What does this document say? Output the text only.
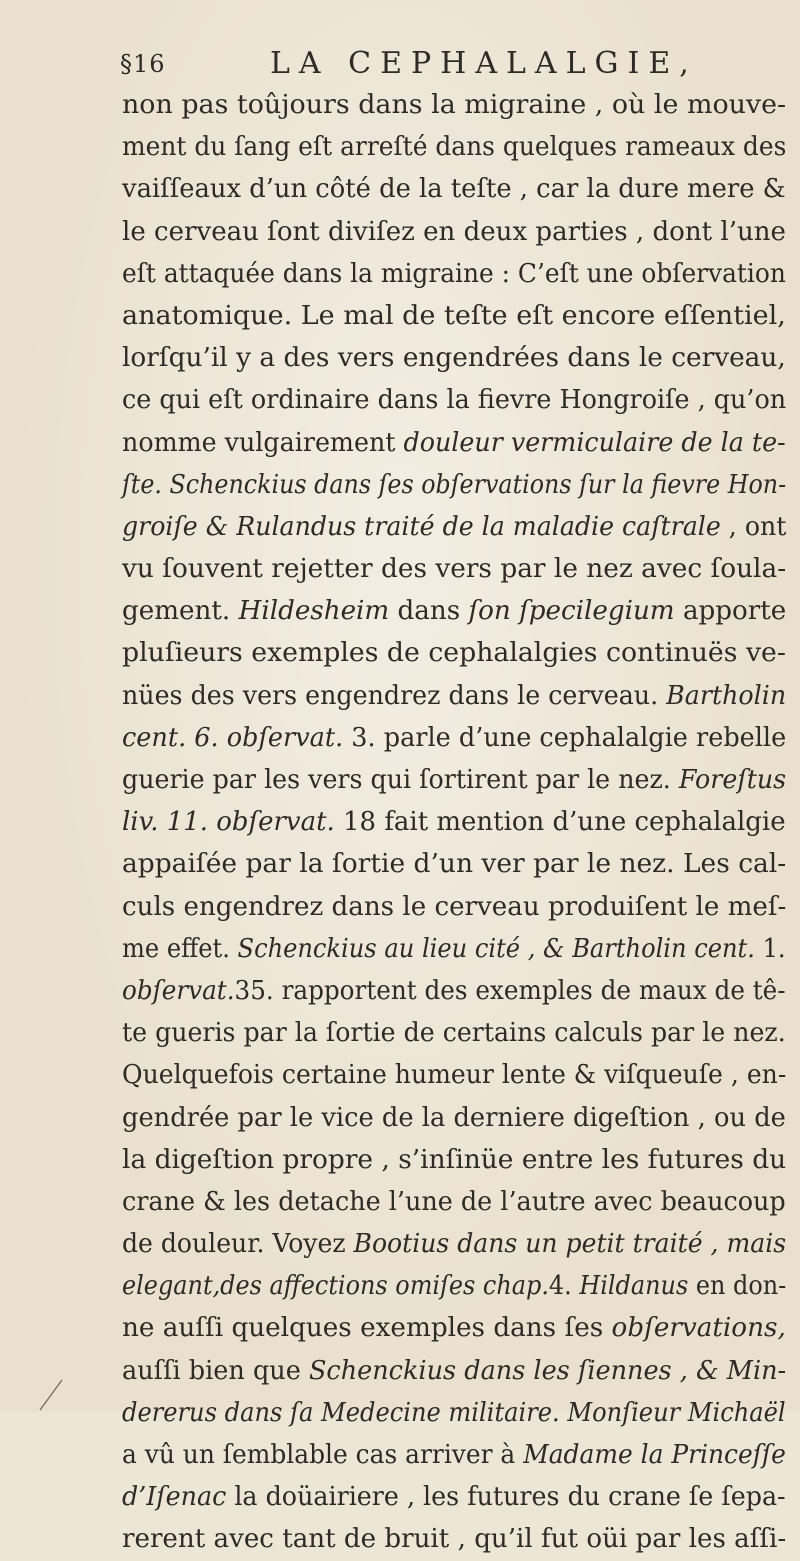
§16	LA CEPHALALGIE,
non pas toûjours dans la migraine , où le mouve-
ment du ſang eſt arreſté dans quelques rameaux des
vaiſſeaux d’un côté de la teſte , car la dure mere &
le cerveau ſont diviſez en deux parties , dont l’une
eſt attaquée dans la migraine : C’eſt une obſervation
anatomique. Le mal de teſte eſt encore eſſentiel,
lorſqu’il y a des vers engendrées dans le cerveau,
ce qui eſt ordinaire dans la fievre Hongroiſe , qu’on
nomme vulgairement douleur vermiculaire de la te-
ſte. Schenckius dans ſes obſervations ſur la fievre Hon-
groiſe & Rulandus traité de la maladie caſtrale , ont
vu ſouvent rejetter des vers par le nez avec ſoula-
gement. Hildesheim dans ſon ſpecilegium apporte
pluſieurs exemples de cephalalgies continuës ve-
nües des vers engendrez dans le cerveau. Bartholin
cent. 6. obſervat. 3. parle d’une cephalalgie rebelle
guerie par les vers qui ſortirent par le nez. Foreſtus
liv. 11. obſervat. 18 fait mention d’une cephalalgie
appaiſée par la ſortie d’un ver par le nez. Les cal-
culs engendrez dans le cerveau produiſent le meſ-
me effet. Schenckius au lieu cité , & Bartholin cent. 1.
obſervat.35. rapportent des exemples de maux de tê-
te gueris par la ſortie de certains calculs par le nez.
Quelquefois certaine humeur lente & viſqueuſe , en-
gendrée par le vice de la derniere digeſtion , ou de
la digeſtion propre , s’inſinüe entre les futures du
crane & les detache l’une de l’autre avec beaucoup
de douleur. Voyez Bootius dans un petit traité , mais
elegant,des affections omiſes chap.4. Hildanus en don-
ne auſſi quelques exemples dans ſes obſervations,
auſſi bien que Schenckius dans les ſiennes , & Min-
dererus dans ſa Medecine militaire. Monſieur Michaël
a vû un ſemblable cas arriver à Madame la Princeſſe
d’Iſenac la doüairiere , les futures du crane ſe ſepa-
rerent avec tant de bruit , qu’il fut oüi par les aſſi-
